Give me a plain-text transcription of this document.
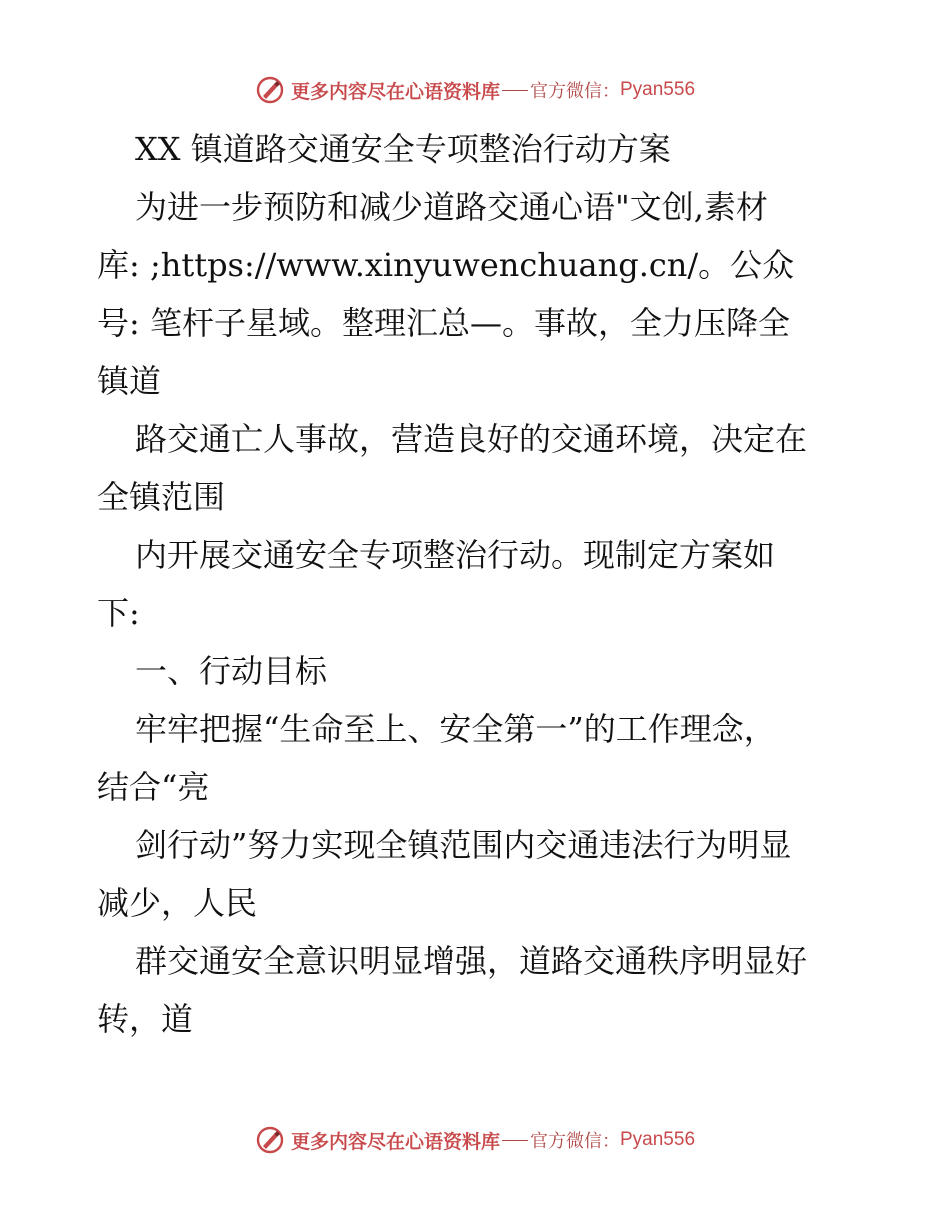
更多内容尽在心语资料库 官方微信： Pyan556

XX 镇道路交通安全专项整治行动方案

为进一步预防和减少道路交通心语"文创,素材

库: ;https://www.xinyuwenchuang.cn/。公众

号: 笔杆子星域。整理汇总—。事故，全力压降全

镇道

路交通亡人事故，营造良好的交通环境，决定在

全镇范围

内开展交通安全专项整治行动。现制定方案如

下:

一、行动目标

牢牢把握“生命至上、安全第一”的工作理念，

结合“亮

剑行动”努力实现全镇范围内交通违法行为明显

减少，人民

群交通安全意识明显增强，道路交通秩序明显好

转，道

更多内容尽在心语资料库 官方微信： Pyan556
